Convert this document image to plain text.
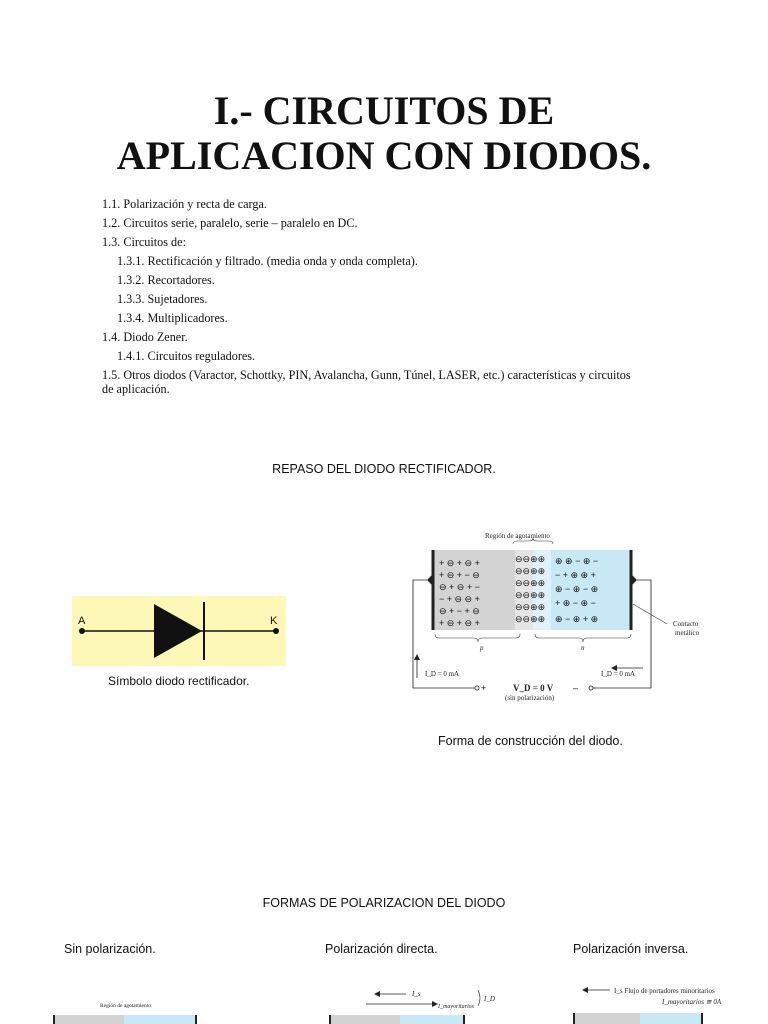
I.- CIRCUITOS DE
APLICACION CON DIODOS.
1.1. Polarización y recta de carga.
1.2. Circuitos serie, paralelo, serie – paralelo en DC.
1.3. Circuitos de:
1.3.1. Rectificación y filtrado. (media onda y onda completa).
1.3.2. Recortadores.
1.3.3. Sujetadores.
1.3.4. Multiplicadores.
1.4. Diodo Zener.
1.4.1. Circuitos reguladores.
1.5. Otros diodos (Varactor, Schottky, PIN, Avalancha, Gunn, Túnel, LASER, etc.) características y circuitos
de aplicación.
REPASO DEL DIODO RECTIFICADOR.
A	K
Símbolo diodo rectificador.
Región de agotamiento
+ ⊖ + ⊖ +
+ ⊖ + − ⊖
⊖ + ⊖ + −
− + ⊖ ⊖ +
⊖ + − + ⊖
+ ⊖ + ⊖ +
⊖⊖⊕⊕
⊖⊖⊕⊕
⊖⊖⊕⊕
⊖⊖⊕⊕
⊖⊖⊕⊕
⊖⊖⊕⊕
⊕ ⊕ − ⊕ −
− + ⊕ ⊕ +
⊕ − ⊕ − ⊕
+ ⊕ − ⊕ −
⊕ − ⊕ + ⊕
p	n
Contacto
metálico
I_D = 0 mA	I_D = 0 mA
+	–
V_D = 0 V
(sin polarización)
Forma de construcción del diodo.
FORMAS DE POLARIZACION DEL DIODO
Sin polarización.	Polarización directa.	Polarización inversa.
Región de agotamiento
I_s
I_mayoritarios
I_D
I_s Flujo de portadores minoritarios
I_mayoritarios ≅ 0A
